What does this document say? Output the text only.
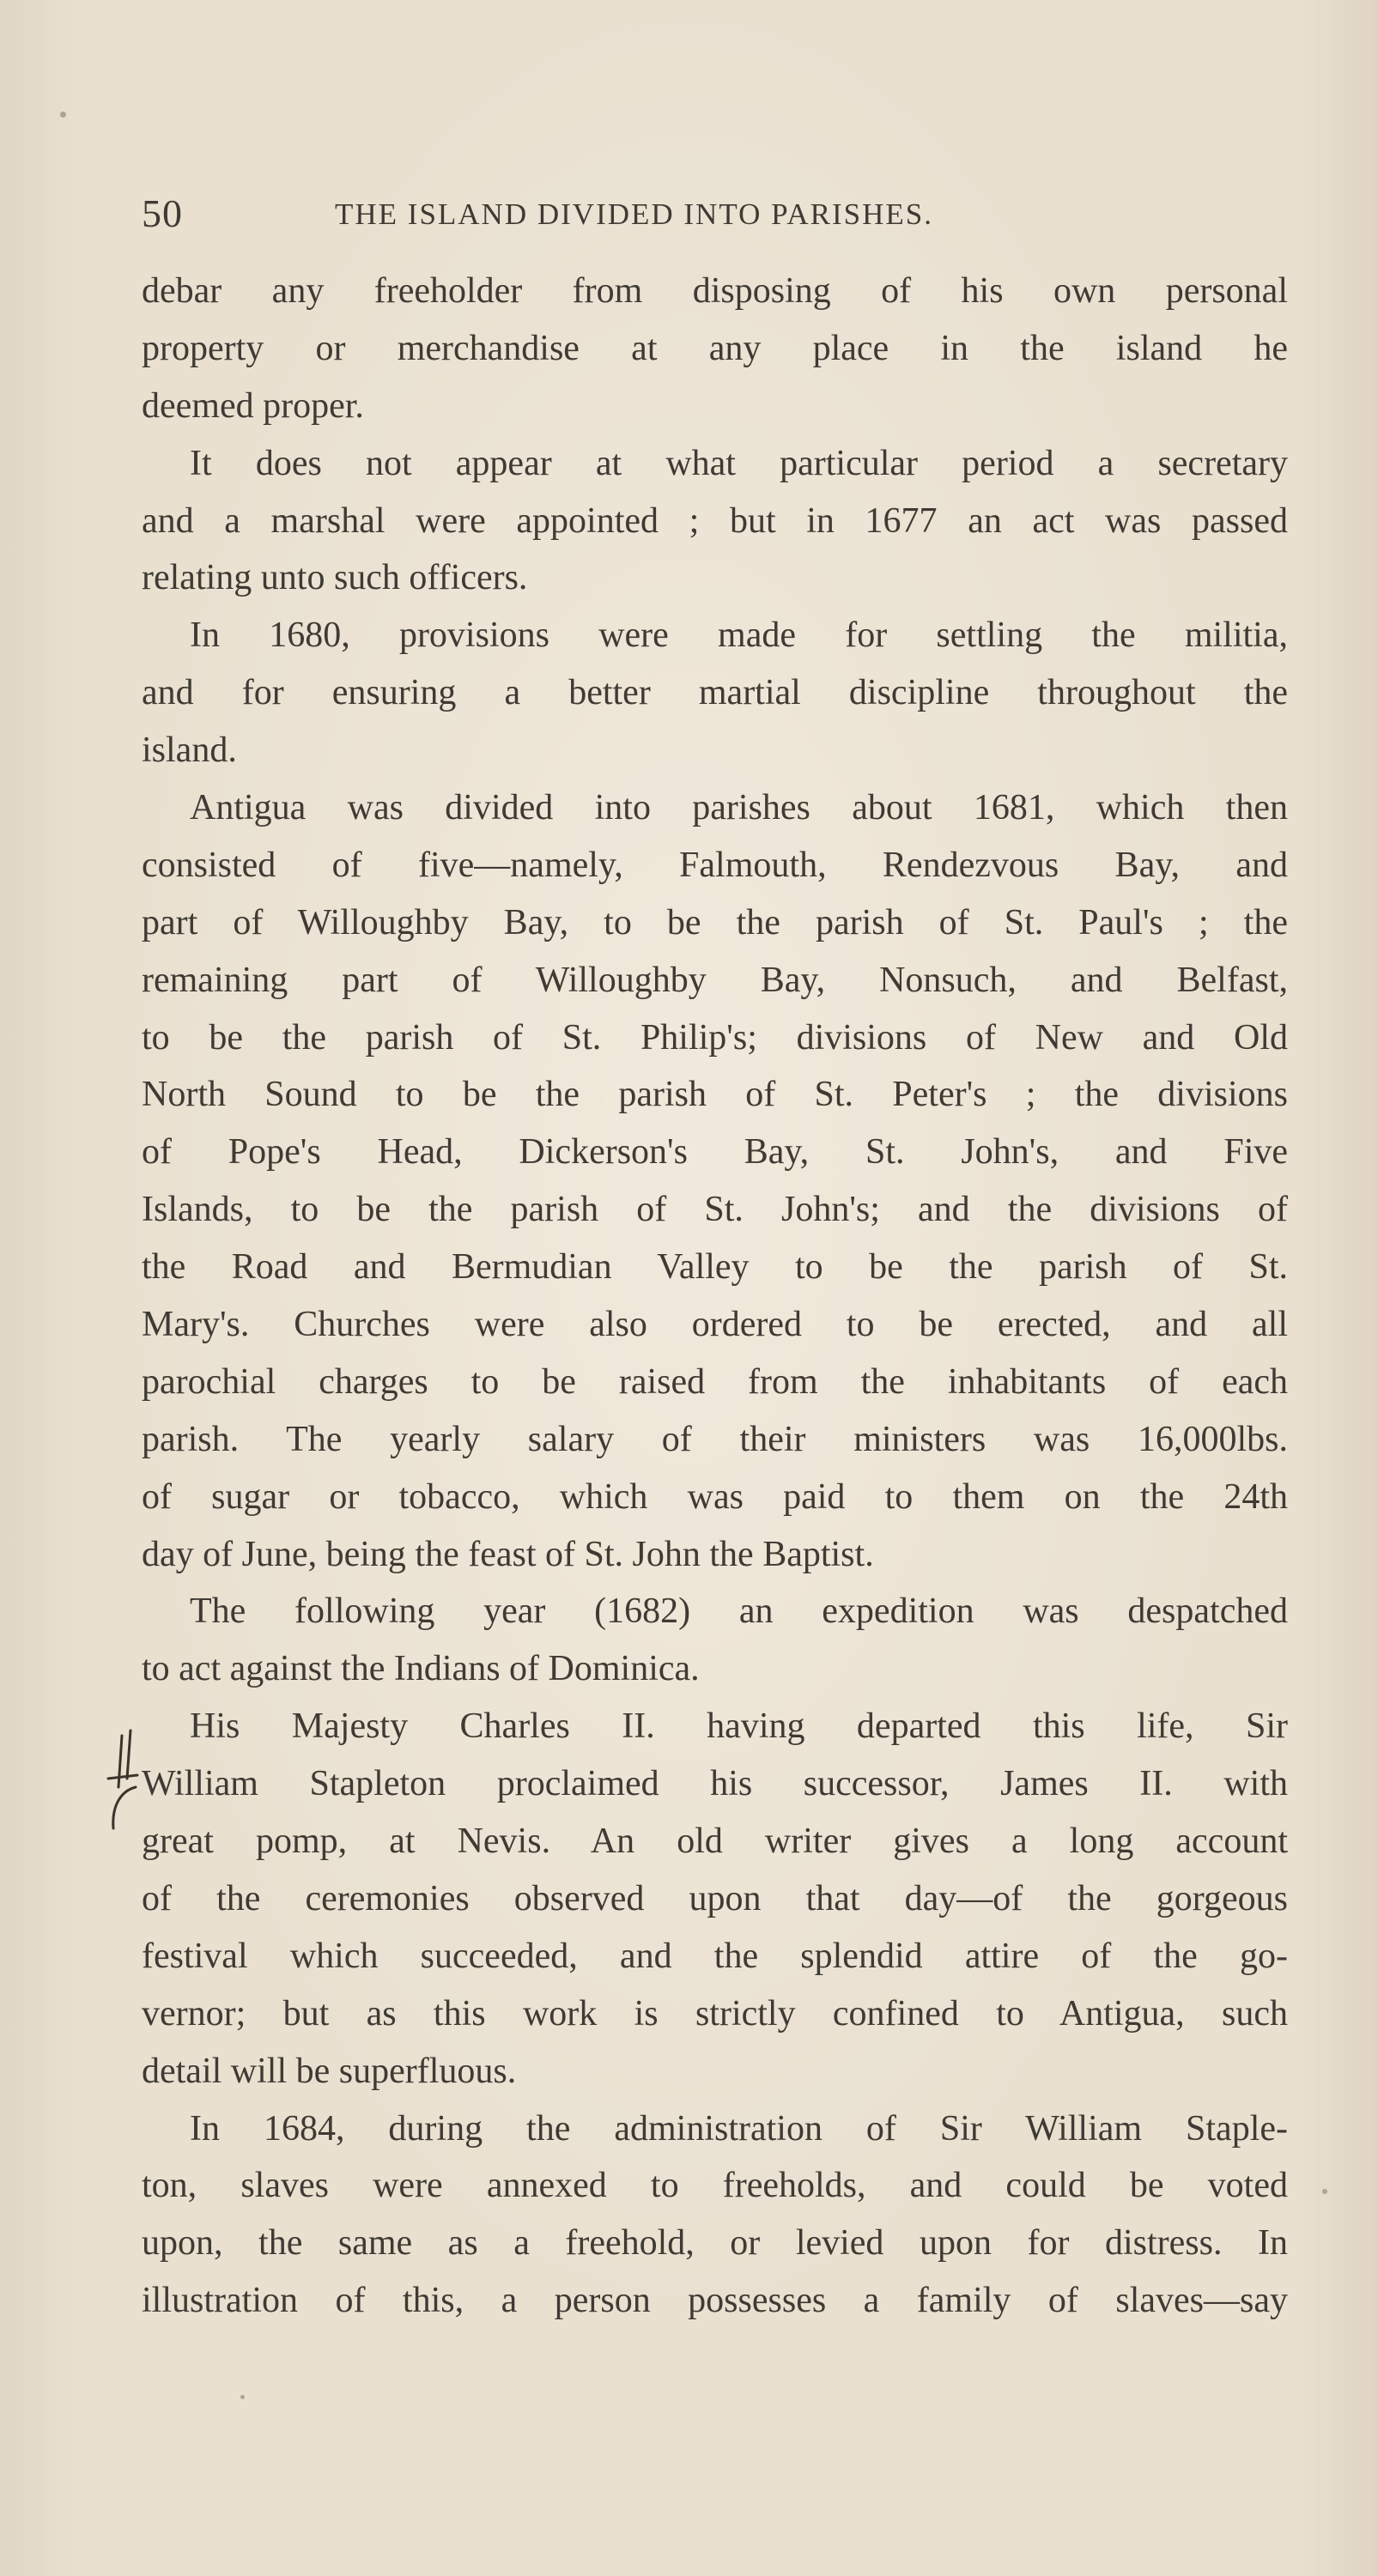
50	THE ISLAND DIVIDED INTO PARISHES.
debar any freeholder from disposing of his own personal
property or merchandise at any place in the island he
deemed proper.
It does not appear at what particular period a secretary
and a marshal were appointed ; but in 1677 an act was passed
relating unto such officers.
In 1680, provisions were made for settling the militia,
and for ensuring a better martial discipline throughout the
island.
Antigua was divided into parishes about 1681, which then
consisted of five—namely, Falmouth, Rendezvous Bay, and
part of Willoughby Bay, to be the parish of St. Paul's ; the
remaining part of Willoughby Bay, Nonsuch, and Belfast,
to be the parish of St. Philip's; divisions of New and Old
North Sound to be the parish of St. Peter's ; the divisions
of Pope's Head, Dickerson's Bay, St. John's, and Five
Islands, to be the parish of St. John's; and the divisions of
the Road and Bermudian Valley to be the parish of St.
Mary's. Churches were also ordered to be erected, and all
parochial charges to be raised from the inhabitants of each
parish. The yearly salary of their ministers was 16,000lbs.
of sugar or tobacco, which was paid to them on the 24th
day of June, being the feast of St. John the Baptist.
The following year (1682) an expedition was despatched
to act against the Indians of Dominica.
His Majesty Charles II. having departed this life, Sir
William Stapleton proclaimed his successor, James II. with
great pomp, at Nevis. An old writer gives a long account
of the ceremonies observed upon that day—of the gorgeous
festival which succeeded, and the splendid attire of the go-
vernor; but as this work is strictly confined to Antigua, such
detail will be superfluous.
In 1684, during the administration of Sir William Staple-
ton, slaves were annexed to freeholds, and could be voted
upon, the same as a freehold, or levied upon for distress. In
illustration of this, a person possesses a family of slaves—say
